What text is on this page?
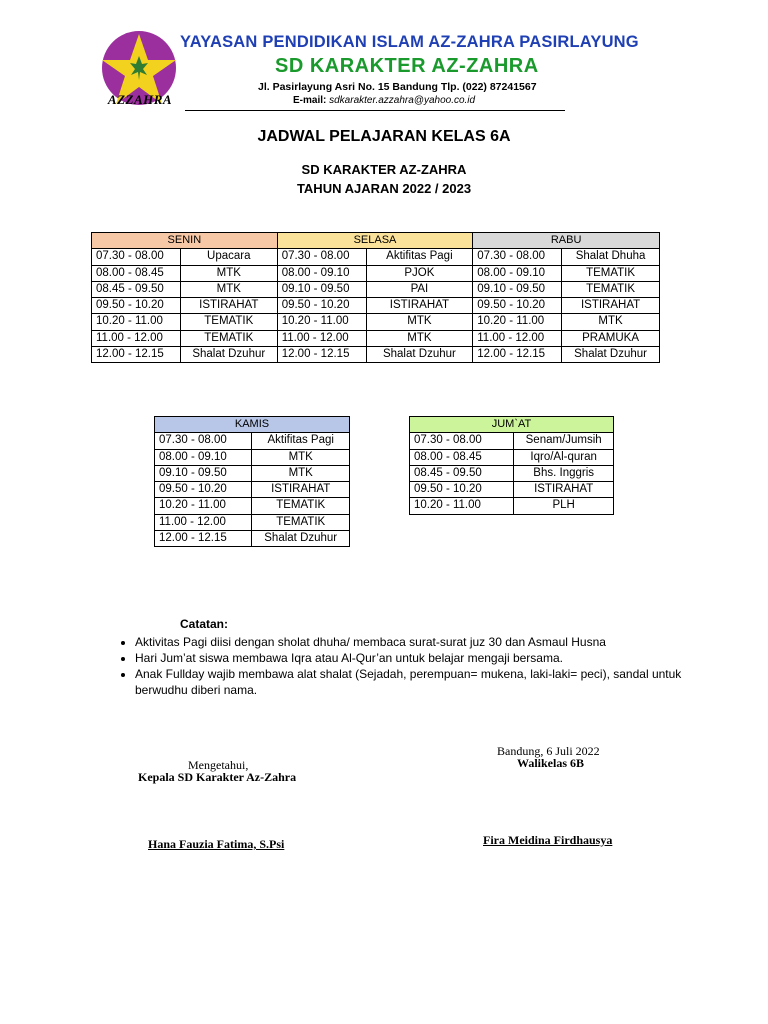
AZZAHRA
YAYASAN PENDIDIKAN ISLAM AZ-ZAHRA PASIRLAYUNG
SD KARAKTER AZ-ZAHRA
Jl. Pasirlayung Asri No. 15 Bandung Tlp. (022) 87241567
E-mail: sdkarakter.azzahra@yahoo.co.id
JADWAL PELAJARAN KELAS 6A
SD KARAKTER AZ-ZAHRA
TAHUN AJARAN 2022 / 2023
SENIN		SELASA		RABU	
07.30 - 08.00	Upacara	07.30 - 08.00	Aktifitas Pagi	07.30 - 08.00	Shalat Dhuha
08.00 - 08.45	MTK	08.00 - 09.10	PJOK	08.00 - 09.10	TEMATIK
08.45 - 09.50	MTK	09.10 - 09.50	PAI	09.10 - 09.50	TEMATIK
09.50 - 10.20	ISTIRAHAT	09.50 - 10.20	ISTIRAHAT	09.50 - 10.20	ISTIRAHAT
10.20 - 11.00	TEMATIK	10.20 - 11.00	MTK	10.20 - 11.00	MTK
11.00 - 12.00	TEMATIK	11.00 - 12.00	MTK	11.00 - 12.00	PRAMUKA
12.00 - 12.15	Shalat Dzuhur	12.00 - 12.15	Shalat Dzuhur	12.00 - 12.15	Shalat Dzuhur
KAMIS	
07.30 - 08.00	Aktifitas Pagi
08.00 - 09.10	MTK
09.10 - 09.50	MTK
09.50 - 10.20	ISTIRAHAT
10.20 - 11.00	TEMATIK
11.00 - 12.00	TEMATIK
12.00 - 12.15	Shalat Dzuhur
JUM`AT	
07.30 - 08.00	Senam/Jumsih
08.00 - 08.45	Iqro/Al-quran
08.45 - 09.50	Bhs. Inggris
09.50 - 10.20	ISTIRAHAT
10.20 - 11.00	PLH
Catatan:
• Aktivitas Pagi diisi dengan sholat dhuha/ membaca surat-surat juz 30 dan Asmaul Husna
• Hari Jum’at siswa membawa Iqra atau Al-Qur’an untuk belajar mengaji bersama.
• Anak Fullday wajib membawa alat shalat (Sejadah, perempuan= mukena, laki-laki= peci), sandal untuk berwudhu diberi nama.
Mengetahui,
Kepala SD Karakter Az-Zahra
Hana Fauzia Fatima, S.Psi
Bandung, 6 Juli 2022
Walikelas 6B
Fira Meidina Firdhausya
